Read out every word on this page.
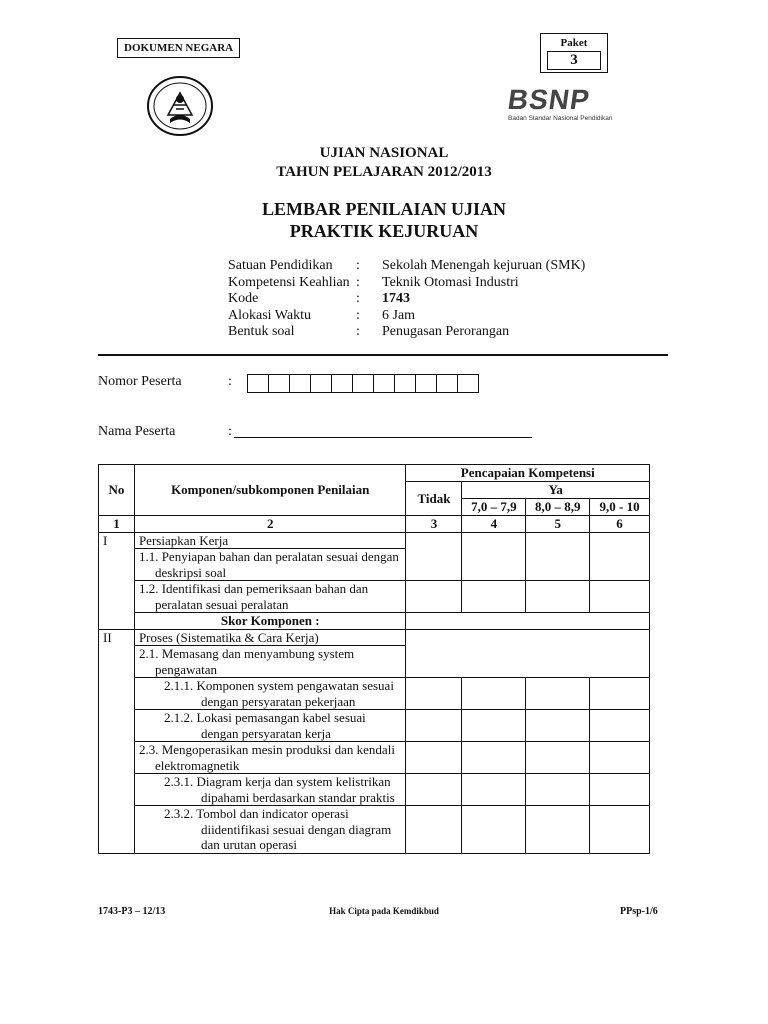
DOKUMEN NEGARA	Paket
3
BSNP
Badan Standar Nasional Pendidikan
UJIAN NASIONAL
TAHUN PELAJARAN 2012/2013
LEMBAR PENILAIAN UJIAN
PRAKTIK KEJURUAN
Satuan Pendidikan	:	Sekolah Menengah kejuruan (SMK)
Kompetensi Keahlian :	Teknik Otomasi Industri
Kode	:	1743
Alokasi Waktu	:	6 Jam
Bentuk soal	:	Penugasan Perorangan
Nomor Peserta	:
Nama Peserta	:
No	Komponen/subkomponen Penilaian	Pencapaian Kompetensi			
		Tidak	Ya		
			7,0 – 7,9	8,0 – 8,9	9,0 - 10
1	2	3	4	5	6
I	Persiapkan Kerja				
	1.1. Penyiapan bahan dan peralatan sesuai dengan deskripsi soal				
	1.2. Identifikasi dan pemeriksaan bahan dan peralatan sesuai peralatan				
	Skor Komponen :				
II	Proses (Sistematika & Cara Kerja)				
	2.1. Memasang dan menyambung system pengawatan				
	2.1.1. Komponen system pengawatan sesuai dengan persyaratan pekerjaan				
	2.1.2. Lokasi pemasangan kabel sesuai dengan persyaratan kerja				
	2.3. Mengoperasikan mesin produksi dan kendali elektromagnetik				
	2.3.1. Diagram kerja dan system kelistrikan dipahami berdasarkan standar praktis				
	2.3.2. Tombol dan indicator operasi diidentifikasi sesuai dengan diagram dan urutan operasi				
1743-P3 – 12/13	Hak Cipta pada Kemdikbud	PPsp-1/6
